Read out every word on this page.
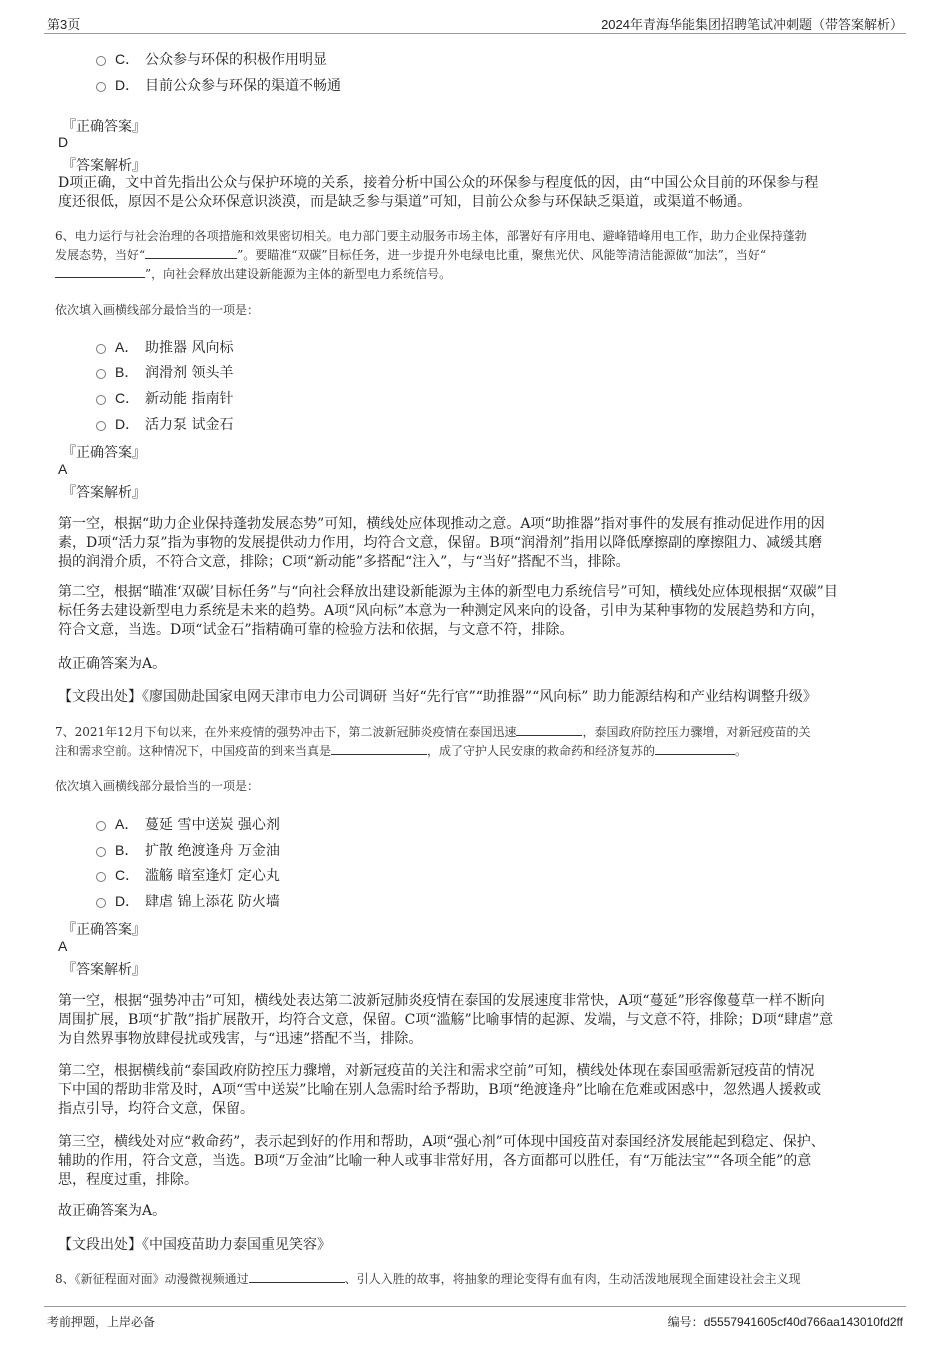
第3页	2024年青海华能集团招聘笔试冲刺题（带答案解析）
C． 公众参与环保的积极作用明显
D． 目前公众参与环保的渠道不畅通
『正确答案』
D
『答案解析』
D项正确，文中首先指出公众与保护环境的关系，接着分析中国公众的环保参与程度低的因，由“中国公众目前的环保参与程
度还很低，原因不是公众环保意识淡漠，而是缺乏参与渠道”可知，目前公众参与环保缺乏渠道，或渠道不畅通。
6、电力运行与社会治理的各项措施和效果密切相关。电力部门要主动服务市场主体，部署好有序用电、避峰错峰用电工作，助力企业保持蓬勃
发展态势，当好“	”。要瞄准“双碳”目标任务，进一步提升外电绿电比重，聚焦光伏、风能等清洁能源做“加法”，当好“
”，向社会释放出建设新能源为主体的新型电力系统信号。
依次填入画横线部分最恰当的一项是：
A． 助推器 风向标
B． 润滑剂 领头羊
C． 新动能 指南针
D． 活力泵 试金石
『正确答案』
A
『答案解析』
第一空，根据“助力企业保持蓬勃发展态势”可知，横线处应体现推动之意。A项“助推器”指对事件的发展有推动促进作用的因
素，D项“活力泵”指为事物的发展提供动力作用，均符合文意，保留。B项“润滑剂”指用以降低摩擦副的摩擦阻力、减缓其磨
损的润滑介质，不符合文意，排除；C项“新动能”多搭配“注入”，与“当好”搭配不当，排除。
第二空，根据“瞄准‘双碳’目标任务”与“向社会释放出建设新能源为主体的新型电力系统信号”可知，横线处应体现根据“双碳”目
标任务去建设新型电力系统是未来的趋势。A项“风向标”本意为一种测定风来向的设备，引申为某种事物的发展趋势和方向，
符合文意，当选。D项“试金石”指精确可靠的检验方法和依据，与文意不符，排除。
故正确答案为A。
【文段出处】《廖国勋赴国家电网天津市电力公司调研 当好“先行官”“助推器”“风向标” 助力能源结构和产业结构调整升级》
7、2021年12月下旬以来，在外来疫情的强势冲击下，第二波新冠肺炎疫情在泰国迅速	，泰国政府防控压力骤增，对新冠疫苗的关
注和需求空前。这种情况下，中国疫苗的到来当真是	，成了守护人民安康的救命药和经济复苏的	。
依次填入画横线部分最恰当的一项是：
A． 蔓延 雪中送炭 强心剂
B． 扩散 绝渡逢舟 万金油
C． 滥觞 暗室逢灯 定心丸
D． 肆虐 锦上添花 防火墙
『正确答案』
A
『答案解析』
第一空，根据“强势冲击”可知，横线处表达第二波新冠肺炎疫情在泰国的发展速度非常快，A项“蔓延”形容像蔓草一样不断向
周围扩展，B项“扩散”指扩展散开，均符合文意，保留。C项“滥觞”比喻事情的起源、发端，与文意不符，排除；D项“肆虐”意
为自然界事物放肆侵扰或残害，与“迅速”搭配不当，排除。
第二空，根据横线前“泰国政府防控压力骤增，对新冠疫苗的关注和需求空前”可知，横线处体现在泰国亟需新冠疫苗的情况
下中国的帮助非常及时，A项“雪中送炭”比喻在别人急需时给予帮助，B项“绝渡逢舟”比喻在危难或困惑中，忽然遇人援救或
指点引导，均符合文意，保留。
第三空，横线处对应“救命药”，表示起到好的作用和帮助，A项“强心剂”可体现中国疫苗对泰国经济发展能起到稳定、保护、
辅助的作用，符合文意，当选。B项“万金油”比喻一种人或事非常好用，各方面都可以胜任，有“万能法宝”“各项全能”的意
思，程度过重，排除。
故正确答案为A。
【文段出处】《中国疫苗助力泰国重见笑容》
8、《新征程面对面》动漫微视频通过	、引人入胜的故事，将抽象的理论变得有血有肉，生动活泼地展现全面建设社会主义现
考前押题，上岸必备	编号：d5557941605cf40d766aa143010fd2ff
